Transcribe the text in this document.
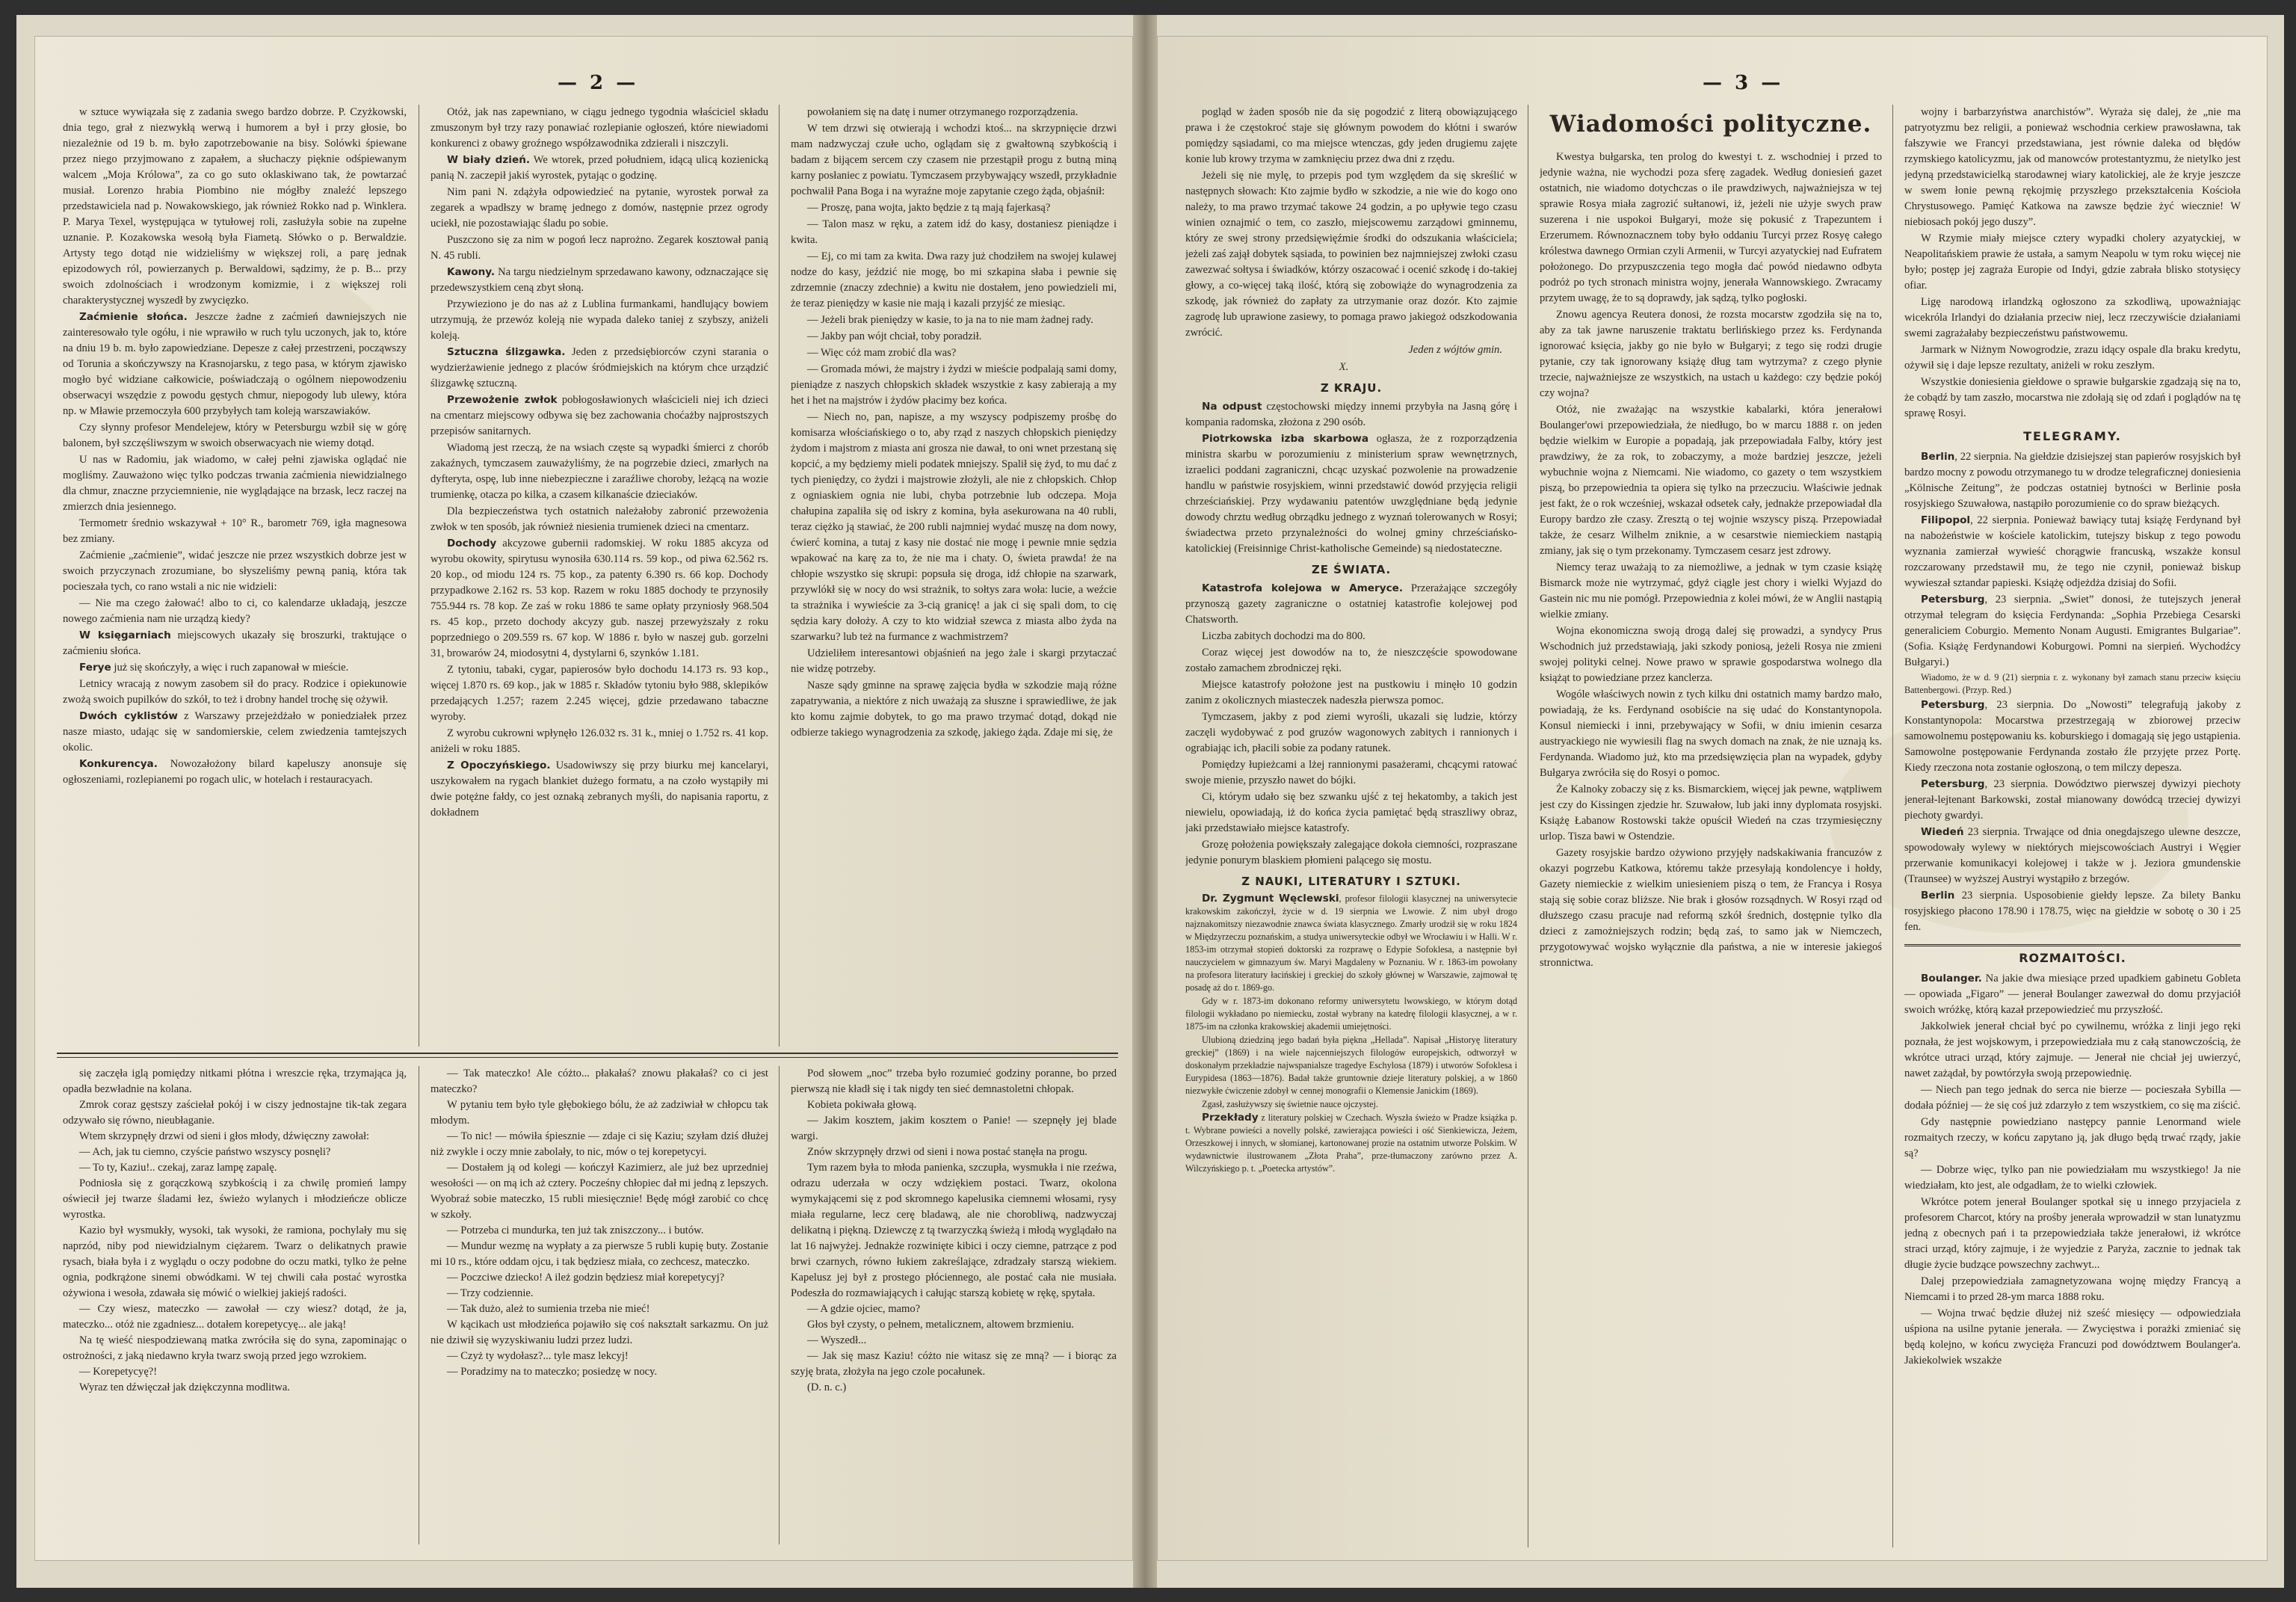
— 2 —

w sztuce wywiązała się z zadania swego bardzo dobrze. P. Czyżkowski, dnia tego, grał z niezwykłą werwą i humorem a był i przy głosie, bo niezależnie od 19 b. m. było zapotrzebowanie na bisy. Solówki śpiewane przez niego przyjmowano z zapałem, a słuchaczy pięknie odśpiewanym walcem „Moja Królowa”, za co go suto oklaskiwano tak, że powtarzać musiał. Lorenzo hrabia Piombino nie mógłby znaleźć lepszego przedstawiciela nad p. Nowakowskiego, jak również Rokko nad p. Winklera. P. Marya Texel, występująca w tytułowej roli, zasłużyła sobie na zupełne uznanie. P. Kozakowska wesołą była Fiametą. Słówko o p. Berwaldzie. Artysty tego dotąd nie widzieliśmy w większej roli, a parę jednak epizodowych ról, powierzanych p. Berwaldowi, sądzimy, że p. B... przy swoich zdolnościach i wrodzonym komizmie, i z większej roli charakterystycznej wyszedł by zwycięzko.

Zaćmienie słońca. Jeszcze żadne z zaćmień dawniejszych nie zainteresowało tyle ogółu, i nie wprawiło w ruch tylu uczonych, jak to, które na dniu 19 b. m. było zapowiedziane. Depesze z całej przestrzeni, począwszy od Torunia a skończywszy na Krasnojarsku, z tego pasa, w którym zjawisko mogło być widziane całkowicie, poświadczają o ogólnem niepowodzeniu obserwacyi wszędzie z powodu gęstych chmur, niepogody lub ulewy, która np. w Mławie przemoczyła 600 przybyłych tam koleją warszawiaków.

Czy słynny profesor Mendelejew, który w Petersburgu wzbił się w górę balonem, był szczęśliwszym w swoich obserwacyach nie wiemy dotąd.

U nas w Radomiu, jak wiadomo, w całej pełni zjawiska oglądać nie mogliśmy. Zauważono więc tylko podczas trwania zaćmienia niewidzialnego dla chmur, znaczne przyciemnienie, nie wyglądające na brzask, lecz raczej na zmierzch dnia jesiennego.

Termometr średnio wskazywał + 10° R., barometr 769, igła magnesowa bez zmiany.

Zaćmienie „zaćmienie”, widać jeszcze nie przez wszystkich dobrze jest w swoich przyczynach zrozumiane, bo słyszeliśmy pewną panią, która tak pocieszała tych, co rano wstali a nic nie widzieli:

— Nie ma czego żałować! albo to ci, co kalendarze układają, jeszcze nowego zaćmienia nam nie urządzą kiedy?

W księgarniach miejscowych ukazały się broszurki, traktujące o zaćmieniu słońca.

Ferye już się skończyły, a więc i ruch zapanował w mieście.

Letnicy wracają z nowym zasobem sił do pracy. Rodzice i opiekunowie zwożą swoich pupilków do szkół, to też i drobny handel trochę się ożywił.

Dwóch cyklistów z Warszawy przejeżdżało w poniedziałek przez nasze miasto, udając się w sandomierskie, celem zwiedzenia tamtejszych okolic.

Konkurencya. Nowozałożony bilard kapeluszy anonsuje się ogłoszeniami, rozlepianemi po rogach ulic, w hotelach i restauracyach.

Otóż, jak nas zapewniano, w ciągu jednego tygodnia właściciel składu zmuszonym był trzy razy ponawiać rozlepianie ogłoszeń, które niewiadomi konkurenci z obawy groźnego współzawodnika zdzierali i niszczyli.

W biały dzień. We wtorek, przed południem, idącą ulicą kozienicką panią N. zaczepił jakiś wyrostek, pytając o godzinę.

Nim pani N. zdążyła odpowiedzieć na pytanie, wyrostek porwał za zegarek a wpadłszy w bramę jednego z domów, następnie przez ogrody uciekł, nie pozostawiając śladu po sobie.

Puszczono się za nim w pogoń lecz naprożno. Zegarek kosztował panią N. 45 rubli.

Kawony. Na targu niedzielnym sprzedawano kawony, odznaczające się przedewszystkiem ceną zbyt słoną.

Przywieziono je do nas aż z Lublina furmankami, handlujący bowiem utrzymują, że przewóz koleją nie wypada daleko taniej z szybszy, aniżeli koleją.

Sztuczna ślizgawka. Jeden z przedsiębiorców czyni starania o wydzierżawienie jednego z placów śródmiejskich na którym chce urządzić ślizgawkę sztuczną.

Przewożenie zwłok pobłogosławionych właścicieli niej ich dzieci na cmentarz miejscowy odbywa się bez zachowania choćażby najprostszych przepisów sanitarnych.

Wiadomą jest rzeczą, że na wsiach częste są wypadki śmierci z chorób zakaźnych, tymczasem zauważyliśmy, że na pogrzebie dzieci, zmarłych na dyfteryta, ospę, lub inne niebezpieczne i zaraźliwe choroby, leżącą na wozie trumienkę, otacza po kilka, a czasem kilkanaście dzieciaków.

Dla bezpieczeństwa tych ostatnich należałoby zabronić przewożenia zwłok w ten sposób, jak również niesienia trumienek dzieci na cmentarz.

Dochody akcyzowe gubernii radomskiej. W roku 1885 akcyza od wyrobu okowity, spirytusu wynosiła 630.114 rs. 59 kop., od piwa 62.562 rs. 20 kop., od miodu 124 rs. 75 kop., za patenty 6.390 rs. 66 kop. Dochody przypadkowe 2.162 rs. 53 kop. Razem w roku 1885 dochody te przynosiły 755.944 rs. 78 kop. Ze zaś w roku 1886 te same opłaty przyniosły 968.504 rs. 45 kop., przeto dochody akcyzy gub. naszej przewyższały z roku poprzedniego o 209.559 rs. 67 kop. W 1886 r. było w naszej gub. gorzelni 31, browarów 24, miodosytni 4, dystylarni 6, szynków 1.181.

Z tytoniu, tabaki, cygar, papierosów było dochodu 14.173 rs. 93 kop., więcej 1.870 rs. 69 kop., jak w 1885 r. Składów tytoniu było 988, sklepików przedających 1.257; razem 2.245 więcej, gdzie przedawano tabaczne wyroby.

Z wyrobu cukrowni wpłynęło 126.032 rs. 31 k., mniej o 1.752 rs. 41 kop. aniżeli w roku 1885.

Z Opoczyńskiego. Usadowiwszy się przy biurku mej kancelaryi, uszykowałem na rygach blankiet dużego formatu, a na czoło wystąpiły mi dwie potężne fałdy, co jest oznaką zebranych myśli, do napisania raportu, z dokładnem

powołaniem się na datę i numer otrzymanego rozporządzenia.

W tem drzwi się otwierają i wchodzi ktoś... na skrzypnięcie drzwi mam nadzwyczaj czułe ucho, oglądam się z gwałtowną szybkością i badam z bijącem sercem czy czasem nie przestąpił progu z butną miną karny posłaniec z powiatu. Tymczasem przybywający wszedł, przykładnie pochwalił Pana Boga i na wyraźne moje zapytanie czego żąda, objaśnił:

— Proszę, pana wojta, jakto będzie z tą mają fajerkasą?

— Talon masz w ręku, a zatem idź do kasy, dostaniesz pieniądze i kwita.

— Ej, co mi tam za kwita. Dwa razy już chodziłem na swojej kulawej nodze do kasy, jeździć nie mogę, bo mi szkapina słaba i pewnie się zdrzemnie (znaczy zdechnie) a kwitu nie dostałem, jeno powiedzieli mi, że teraz pieniędzy w kasie nie mają i kazali przyjść ze miesiąc.

— Jeżeli brak pieniędzy w kasie, to ja na to nie mam żadnej rady.

— Jakby pan wójt chciał, toby poradził.

— Więc cóż mam zrobić dla was?

— Gromada mówi, że majstry i żydzi w mieście podpalają sami domy, pieniądze z naszych chłopskich składek wszystkie z kasy zabierają a my het i het na majstrów i żydów płacimy bez końca.

— Niech no, pan, napisze, a my wszyscy podpiszemy prośbę do komisarza włościańskiego o to, aby rząd z naszych chłopskich pieniędzy żydom i majstrom z miasta ani grosza nie dawał, to oni wnet przestaną się kopcić, a my będziemy mieli podatek mniejszy. Spalił się żyd, to mu dać z tych pieniędzy, co żydzi i majstrowie złożyli, ale nie z chłopskich. Chłop z ogniaskiem ognia nie lubi, chyba potrzebnie lub odczepa. Moja chałupina zapaliła się od iskry z komina, była asekurowana na 40 rubli, teraz ciężko ją stawiać, że 200 rubli najmniej wydać muszę na dom nowy, ćwierć komina, a tutaj z kasy nie dostać nie mogę i pewnie mnie sędzia wpakować na karę za to, że nie ma i chaty. O, świeta prawda! że na chłopie wszystko się skrupi: popsuła się droga, idź chłopie na szarwark, przywlókł się w nocy do wsi strażnik, to sołtys zara woła: lucie, a weźcie ta strażnika i wywieście za 3-cią granicę! a jak ci się spali dom, to cię sędzia kary dołoży. A czy to kto widział szewca z miasta albo żyda na szarwarku? lub też na furmance z wachmistrzem?

Udzieliłem interesantowi objaśnień na jego żale i skargi przytaczać nie widzę potrzeby.

Nasze sądy gminne na sprawę zajęcia bydła w szkodzie mają różne zapatrywania, a niektóre z nich uważają za słuszne i sprawiedliwe, że jak kto komu zajmie dobytek, to go ma prawo trzymać dotąd, dokąd nie odbierze takiego wynagrodzenia za szkodę, jakiego żąda. Zdaje mi się, że

się zaczęła iglą pomiędzy nitkami płótna i wreszcie ręka, trzymająca ją, opadła bezwładnie na kolana.

Zmrok coraz gęstszy zaściełał pokój i w ciszy jednostajne tik-tak zegara odzywało się równo, nieubłaganie.

Wtem skrzypnęły drzwi od sieni i głos młody, dźwięczny zawołał:

— Ach, jak tu ciemno, czyście państwo wszyscy posnęli?

— To ty, Kaziu!.. czekaj, zaraz lampę zapalę.

Podniosła się z gorączkową szybkością i za chwilę promień lampy oświecił jej twarze śladami łez, świeżo wylanych i młodzieńcze oblicze wyrostka.

Kazio był wysmukły, wysoki, tak wysoki, że ramiona, pochylały mu się naprzód, niby pod niewidzialnym ciężarem. Twarz o delikatnych prawie rysach, biała była i z wyglądu o oczy podobne do oczu matki, tylko że pełne ognia, podkrążone sinemi obwódkami. W tej chwili cała postać wyrostka ożywiona i wesoła, zdawała się mówić o wielkiej jakiejś radości.

— Czy wiesz, mateczko — zawołał — czy wiesz? dotąd, że ja, mateczko... otóż nie zgadniesz... dotałem korepetycyę... ale jaką!

Na tę wieść niespodziewaną matka zwróciła się do syna, zapominając o ostrożności, z jaką niedawno kryła twarz swoją przed jego wzrokiem.

— Korepetycyę?!

Wyraz ten dźwięczał jak dziękczynna modlitwa.

— Tak mateczko! Ale cóżto... płakałaś? znowu płakałaś? co ci jest mateczko?

W pytaniu tem było tyle głębokiego bólu, że aż zadziwiał w chłopcu tak młodym.

— To nic! — mówiła śpiesznie — zdaje ci się Kaziu; szyłam dziś dłużej niż zwykle i oczy mnie zabolały, to nic, mów o tej korepetycyi.

— Dostałem ją od kolegi — kończył Kazimierz, ale już bez uprzedniej wesołości — on mą ich aż cztery. Pocześny chłopiec dał mi jedną z lepszych. Wyobraź sobie mateczko, 15 rubli miesięcznie! Będę mógł zarobić co chcę w szkoły.

— Potrzeba ci mundurka, ten już tak zniszczony... i butów.

— Mundur wezmę na wypłaty a za pierwsze 5 rubli kupię buty. Zostanie mi 10 rs., które oddam ojcu, i tak będziesz miała, co zechcesz, mateczko.

— Poczciwe dziecko! A ileż godzin będziesz miał korepetycyj?

— Trzy codziennie.

— Tak dużo, ależ to sumienia trzeba nie mieć!

W kącikach ust młodzieńca pojawiło się coś nakształt sarkazmu. On już nie dziwił się wyzyskiwaniu ludzi przez ludzi.

— Czyż ty wydołasz?... tyle masz lekcyj!

— Poradzimy na to mateczko; posiedzę w nocy.

Pod słowem „noc” trzeba było rozumieć godziny poranne, bo przed pierwszą nie kładł się i tak nigdy ten sieć demnastoletni chłopak.

Kobieta pokiwała głową.

— Jakim kosztem, jakim kosztem o Panie! — szepnęły jej blade wargi.

Znów skrzypnęły drzwi od sieni i nowa postać stanęła na progu.

Tym razem była to młoda panienka, szczupła, wysmukła i nie rzeźwa, odrazu uderzała w oczy wdziękiem postaci. Twarz, okolona wymykającemi się z pod skromnego kapelusika ciemnemi włosami, rysy miała regularne, lecz cerę bladawą, ale nie chorobliwą, nadzwyczaj delikatną i piękną. Dziewczę z tą twarzyczką świeżą i młodą wyglądało na lat 16 najwyżej. Jednakże rozwinięte kibici i oczy ciemne, patrzące z pod brwi czarnych, równo łukiem zakreślające, zdradzały starszą wiekiem. Kapelusz jej był z prostego płóciennego, ale postać cała nie musiała. Podeszła do rozmawiających i całując starszą kobietę w rękę, spytała.

— A gdzie ojciec, mamo?

Głos był czysty, o pełnem, metalicznem, altowem brzmieniu.

— Wyszedł...

— Jak się masz Kaziu! cóżto nie witasz się ze mną? — i biorąc za szyję brata, złożyła na jego czole pocałunek.

(D. n. c.)

— 3 —

pogląd w żaden sposób nie da się pogodzić z literą obowiązującego prawa i że częstokroć staje się głównym powodem do kłótni i swarów pomiędzy sąsiadami, co ma miejsce wtenczas, gdy jeden drugiemu zajęte konie lub krowy trzyma w zamknięciu przez dwa dni z rzędu.

Jeżeli się nie mylę, to przepis pod tym względem da się skreślić w następnych słowach: Kto zajmie bydło w szkodzie, a nie wie do kogo ono należy, to ma prawo trzymać takowe 24 godzin, a po upływie tego czasu winien oznajmić o tem, co zaszło, miejscowemu zarządowi gminnemu, który ze swej strony przedsięwięźmie środki do odszukania właściciela; jeżeli zaś zajął dobytek sąsiada, to powinien bez najmniejszej zwłoki czasu zawezwać sołtysa i świadków, którzy oszacować i ocenić szkodę i do-takiej głowy, a co-więcej taką ilość, którą się zobowiąże do wynagrodzenia za szkodę, jak również do zapłaty za utrzymanie oraz dozór. Kto zajmie zagrodę lub uprawione zasiewy, to pomaga prawo jakiegoż odszkodowania zwrócić.

Jeden z wójtów gmin.
X.
Z KRAJU.

Na odpust częstochowski między innemi przybyła na Jasną górę i kompania radomska, złożona z 290 osób.

Piotrkowska izba skarbowa ogłasza, że z rozporządzenia ministra skarbu w porozumieniu z ministerium spraw wewnętrznych, izraelici poddani zagraniczni, chcąc uzyskać pozwolenie na prowadzenie handlu w państwie rosyjskiem, winni przedstawić dowód przyjęcia religii chrześciańskiej. Przy wydawaniu patentów uwzględniane będą jedynie dowody chrztu według obrządku jednego z wyznań tolerowanych w Rosyi; świadectwa przeto przynależności do wolnej gminy chrześciańsko-katolickiej (Freisinnige Christ-katholische Gemeinde) są niedostateczne.

ZE ŚWIATA.

Katastrofa kolejowa w Ameryce. Przerażające szczegóły przynoszą gazety zagraniczne o ostatniej katastrofie kolejowej pod Chatsworth.

Liczba zabitych dochodzi ma do 800.

Coraz więcej jest dowodów na to, że nieszczęście spowodowane zostało zamachem zbrodniczej ręki.

Miejsce katastrofy położone jest na pustkowiu i minęło 10 godzin zanim z okolicznych miasteczek nadeszła pierwsza pomoc.

Tymczasem, jakby z pod ziemi wyrośli, ukazali się ludzie, którzy zaczęli wydobywać z pod gruzów wagonowych zabitych i rannionych i ograbiając ich, płacili sobie za podany ratunek.

Pomiędzy łupieżcami a lżej rannionymi pasażerami, chcącymi ratować swoje mienie, przyszło nawet do bójki.

Ci, którym udało się bez szwanku ujść z tej hekatomby, a takich jest niewielu, opowiadają, iż do końca życia pamiętać będą straszliwy obraz, jaki przedstawiało miejsce katastrofy.

Grozę położenia powiększały zalegające dokoła ciemności, rozpraszane jedynie ponurym blaskiem płomieni palącego się mostu.

Z NAUKI, LITERATURY I SZTUKI.

Dr. Zygmunt Węclewski, profesor filologii klasycznej na uniwersytecie krakowskim zakończył, życie w d. 19 sierpnia we Lwowie. Z nim ubył drogo najznakomitszy niezawodnie znawca świata klasycznego. Zmarły urodził się w roku 1824 w Międzyrzeczu poznańskim, a studya uniwersyteckie odbył we Wrocławiu i w Halli. W r. 1853-im otrzymał stopień doktorski za rozprawę o Edypie Sofoklesa, a następnie był nauczycielem w gimnazyum św. Maryi Magdaleny w Poznaniu. W r. 1863-im powołany na profesora literatury łacińskiej i greckiej do szkoły głównej w Warszawie, zajmował tę posadę aż do r. 1869-go.

Gdy w r. 1873-im dokonano reformy uniwersytetu lwowskiego, w którym dotąd filologii wykładano po niemiecku, został wybrany na katedrę filologii klasycznej, a w r. 1875-im na członka krakowskiej akademii umiejętności.

Ulubioną dziedziną jego badań była piękna „Hellada”. Napisał „Historyę literatury greckiej” (1869) i na wiele najcenniejszych filologów europejskich, odtworzył w doskonałym przekładzie najwspanialsze tragedye Eschylosa (1879) i utworów Sofoklesa i Eurypidesa (1863—1876). Badał także gruntownie dzieje literatury polskiej, a w 1860 niezwykłe ćwiczenie zdobył w cennej monografii o Klemensie Janickim (1869).

Zgasł, zasłużywszy się świetnie nauce ojczystej.

Przekłady z literatury polskiej w Czechach. Wyszła świeżo w Pradze książka p. t. Wybrane powieści a novelly polské, zawierająca powieści i ość Sienkiewicza, Jeżem, Orzeszkowej i innych, w słomianej, kartonowanej prozie na ostatnim utworze Polskim. W wydawnictwie ilustrowanem „Złota Praha”, prze-tłumaczony zarówno przez A. Wilczyńskiego p. t. „Poetecka artystów”.

Wiadomości polityczne.

Kwestya bułgarska, ten prolog do kwestyi t. z. wschodniej i przed to jedynie ważna, nie wychodzi poza sferę zagadek. Według doniesień gazet ostatnich, nie wiadomo dotychczas o ile prawdziwych, najważniejsza w tej sprawie Rosya miała zagrozić sułtanowi, iż, jeżeli nie użyje swych praw suzerena i nie uspokoi Bułgaryi, może się pokusić z Trapezuntem i Erzerumem. Równoznacznem toby było oddaniu Turcyi przez Rosyę całego królestwa dawnego Ormian czyli Armenii, w Turcyi azyatyckiej nad Eufratem położonego. Do przypuszczenia tego mogła dać powód niedawno odbyta podróż po tych stronach ministra wojny, jenerała Wannowskiego. Zwracamy przytem uwagę, że to są doprawdy, jak sądzą, tylko pogłoski.

Znowu agencya Reutera donosi, że rozsta mocarstw zgodziła się na to, aby za tak jawne naruszenie traktatu berlińskiego przez ks. Ferdynanda ignorować księcia, jakby go nie było w Bułgaryi; z tego się rodzi drugie pytanie, czy tak ignorowany książę dług tam wytrzyma? z czego płynie trzecie, najważniejsze ze wszystkich, na ustach u każdego: czy będzie pokój czy wojna?

Otóż, nie zważając na wszystkie kabalarki, która jenerałowi Boulanger'owi przepowiedziała, że niedługo, bo w marcu 1888 r. on jeden będzie wielkim w Europie a popadają, jak przepowiadała Falby, który jest prawdziwy, że za rok, to zobaczymy, a może bardziej jeszcze, jeżeli wybuchnie wojna z Niemcami. Nie wiadomo, co gazety o tem wszystkiem piszą, bo przepowiednia ta opiera się tylko na przeczuciu. Właściwie jednak jest fakt, że o rok wcześniej, wskazał odsetek cały, jednakże przepowiadał dla Europy bardzo złe czasy. Zresztą o tej wojnie wszyscy piszą. Przepowiadał także, że cesarz Wilhelm zniknie, a w cesarstwie niemieckiem nastąpią zmiany, jak się o tym przekonamy. Tymczasem cesarz jest zdrowy.

Niemcy teraz uważają to za niemożliwe, a jednak w tym czasie książę Bismarck może nie wytrzymać, gdyż ciągle jest chory i wielki Wyjazd do Gastein nic mu nie pomógł. Przepowiednia z kolei mówi, że w Anglii nastąpią wielkie zmiany.

Wojna ekonomiczna swoją drogą dalej się prowadzi, a syndycy Prus Wschodnich już przedstawiają, jaki szkody poniosą, jeżeli Rosya nie zmieni swojej polityki celnej. Nowe prawo w sprawie gospodarstwa wolnego dla książąt to powiedziane przez kanclerza.

Wogóle właściwych nowin z tych kilku dni ostatnich mamy bardzo mało, powiadają, że ks. Ferdynand osobiście na się udać do Konstantynopola. Konsul niemiecki i inni, przebywający w Sofii, w dniu imienin cesarza austryackiego nie wywiesili flag na swych domach na znak, że nie uznają ks. Ferdynanda. Wiadomo już, kto ma przedsięwzięcia plan na wypadek, gdyby Bułgarya zwróciła się do Rosyi o pomoc.

Że Kalnoky zobaczy się z ks. Bismarckiem, więcej jak pewne, wątpliwem jest czy do Kissingen zjedzie hr. Szuwałow, lub jaki inny dyplomata rosyjski. Książę Łabanow Rostowski także opuścił Wiedeń na czas trzymiesięczny urlop. Tisza bawi w Ostendzie.

Gazety rosyjskie bardzo ożywiono przyjęły nadskakiwania francuzów z okazyi pogrzebu Katkowa, któremu także przesyłają kondolencye i hołdy, Gazety niemieckie z wielkim uniesieniem piszą o tem, że Francya i Rosya stają się sobie coraz bliższe. Nie brak i głosów rozsądnych. W Rosyi rząd od dłuższego czasu pracuje nad reformą szkół średnich, dostępnie tylko dla dzieci z zamożniejszych rodzin; będą zaś, to samo jak w Niemczech, przygotowywać wojsko wyłącznie dla państwa, a nie w interesie jakiegoś stronnictwa.

wojny i barbarzyństwa anarchistów”. Wyraża się dalej, że „nie ma patryotyzmu bez religii, a ponieważ wschodnia cerkiew prawosławna, tak fałszywie we Francyi przedstawiana, jest równie daleka od błędów rzymskiego katolicyzmu, jak od manowców protestantyzmu, że nietylko jest jedyną przedstawicielką starodawnej wiary katolickiej, ale że kryje jeszcze w swem łonie pewną rękojmię przyszłego przekształcenia Kościoła Chrystusowego. Pamięć Katkowa na zawsze będzie żyć wiecznie! W niebiosach pokój jego duszy”.

W Rzymie miały miejsce cztery wypadki cholery azyatyckiej, w Neapolitańskiem prawie że ustała, a samym Neapolu w tym roku więcej nie było; postęp jej zagraża Europie od Indyi, gdzie zabrała blisko stotysięcy ofiar.

Ligę narodową irlandzką ogłoszono za szkodliwą, upoważniając wicekróla Irlandyi do działania przeciw niej, lecz rzeczywiście działaniami swemi zagrażałaby bezpieczeństwu państwowemu.

Jarmark w Niżnym Nowogrodzie, zrazu idący ospale dla braku kredytu, ożywił się i daje lepsze rezultaty, aniżeli w roku zeszłym.

Wszystkie doniesienia giełdowe o sprawie bułgarskie zgadzają się na to, że cobądź by tam zaszło, mocarstwa nie zdołają się od zdań i poglądów na tę sprawę Rosyi.

TELEGRAMY.

Berlin, 22 sierpnia. Na giełdzie dzisiejszej stan papierów rosyjskich był bardzo mocny z powodu otrzymanego tu w drodze telegraficznej doniesienia „Kölnische Zeitung”, że podczas ostatniej bytności w Berlinie posła rosyjskiego Szuwałowa, nastąpiło porozumienie co do spraw bieżących.

Filipopol, 22 sierpnia. Ponieważ bawiący tutaj książę Ferdynand był na nabożeństwie w kościele katolickim, tutejszy biskup z tego powodu wyznania zamierzał wywieść chorągwie francuską, wszakże konsul rozczarowany przedstawił mu, że tego nie czynił, ponieważ biskup wywieszał sztandar papieski. Książę odjeżdża dzisiaj do Sofii.

Petersburg, 23 sierpnia. „Swiet” donosi, że tutejszych jenerał otrzymał telegram do księcia Ferdynanda: „Sophia Przebiega Cesarski generaliciem Coburgio. Memento Nonam Augusti. Emigrantes Bulgariae”. (Sofia. Książę Ferdynandowi Koburgowi. Pomni na sierpień. Wychodźcy Bułgaryi.)

Wiadomo, że w d. 9 (21) sierpnia r. z. wykonany był zamach stanu przeciw księciu Battenbergowi. (Przyp. Red.)

Petersburg, 23 sierpnia. Do „Nowosti” telegrafują jakoby z Konstantynopola: Mocarstwa przestrzegają w zbiorowej przeciw samowolnemu postępowaniu ks. koburskiego i domagają się jego ustąpienia. Samowolne postępowanie Ferdynanda zostało źle przyjęte przez Portę. Kiedy rzeczona nota zostanie ogłoszoną, o tem milczy depesza.

Petersburg, 23 sierpnia. Dowództwo pierwszej dywizyi piechoty jenerał-lejtenant Barkowski, został mianowany dowódcą trzeciej dywizyi piechoty gwardyi.

Wiedeń 23 sierpnia. Trwające od dnia onegdajszego ulewne deszcze, spowodowały wylewy w niektórych miejscowościach Austryi i Węgier przerwanie komunikacyi kolejowej i także w j. Jeziora gmundenskie (Traunsee) w wyższej Austryi wystąpiło z brzegów.

Berlin 23 sierpnia. Usposobienie giełdy lepsze. Za bilety Banku rosyjskiego płacono 178.90 i 178.75, więc na giełdzie w sobotę o 30 i 25 fen.

ROZMAITOŚCI.

Boulanger. Na jakie dwa miesiące przed upadkiem gabinetu Gobleta — opowiada „Figaro” — jenerał Boulanger zawezwał do domu przyjaciół swoich wróżkę, którą kazał przepowiedzieć mu przyszłość.

Jakkolwiek jenerał chciał być po cywilnemu, wróżka z linji jego ręki poznała, że jest wojskowym, i przepowiedziała mu z całą stanowczością, że wkrótce utraci urząd, który zajmuje. — Jenerał nie chciał jej uwierzyć, nawet zażądał, by powtórzyła swoją przepowiednię.

— Niech pan tego jednak do serca nie bierze — pocieszała Sybilla — dodała później — że się coś już zdarzyło z tem wszystkiem, co się ma ziścić.

Gdy następnie powiedziano następcy pannie Lenormand wiele rozmaitych rzeczy, w końcu zapytano ją, jak długo będą trwać rządy, jakie są?

— Dobrze więc, tylko pan nie powiedziałam mu wszystkiego! Ja nie wiedziałam, kto jest, ale odgadłam, że to wielki człowiek.

Wkrótce potem jenerał Boulanger spotkał się u innego przyjaciela z profesorem Charcot, który na prośby jenerała wprowadził w stan lunatyzmu jedną z obecnych pań i ta przepowiedziała także jenerałowi, iż wkrótce straci urząd, który zajmuje, i że wyjedzie z Paryża, zacznie to jednak tak długie życie budzące powszechny zachwyt...

Dalej przepowiedziała zamagnetyzowana wojnę między Francyą a Niemcami i to przed 28-ym marca 1888 roku.

— Wojna trwać będzie dłużej niż sześć miesięcy — odpowiedziała uśpiona na usilne pytanie jenerała. — Zwycięstwa i porażki zmieniać się będą kolejno, w końcu zwycięża Francuzi pod dowództwem Boulanger'a. Jakiekolwiek wszakże
